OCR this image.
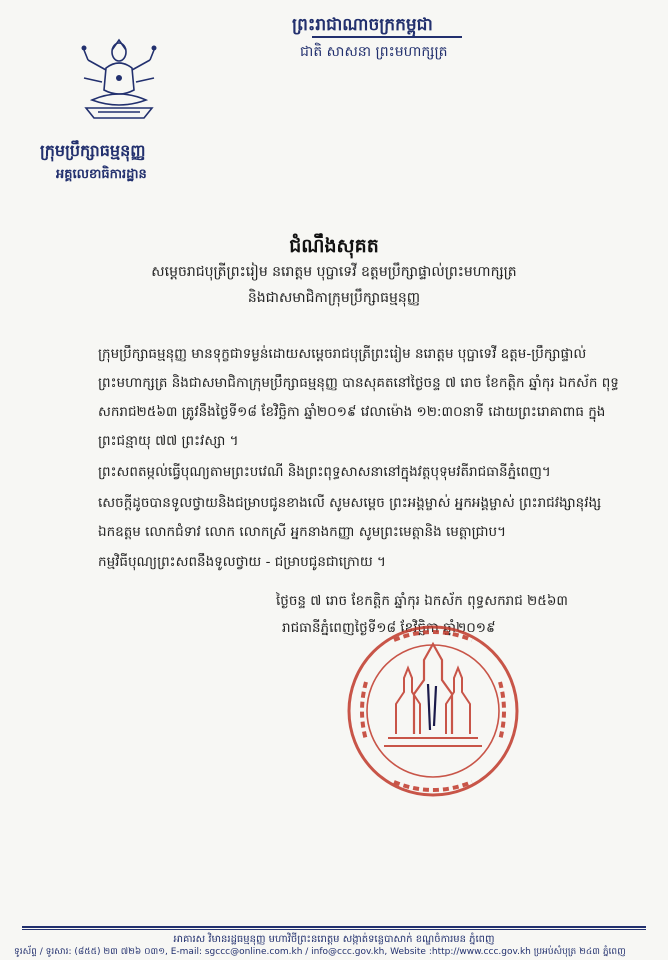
ព្រះរាជាណាចក្រកម្ពុជា
ជាតិ សាសនា ព្រះមហាក្សត្រ
ក្រុមប្រឹក្សាធម្មនុញ្ញ
អគ្គលេខាធិការដ្ឋាន
ជំណឹងសុគត
សម្តេចរាជបុត្រីព្រះរៀម នរោត្តម បុប្ផាទេវី ឧត្តមប្រឹក្សាផ្ទាល់ព្រះមហាក្សត្រ
និងជាសមាជិកាក្រុមប្រឹក្សាធម្មនុញ្ញ

ក្រុមប្រឹក្សាធម្មនុញ្ញ មានទុក្ខជាទម្ងន់ដោយសម្តេចរាជបុត្រីព្រះរៀម នរោត្តម បុប្ផាទេវី ឧត្តម-ប្រឹក្សាផ្ទាល់ព្រះមហាក្សត្រ និងជាសមាជិកាក្រុមប្រឹក្សាធម្មនុញ្ញ បានសុគតនៅថ្ងៃចន្ទ ៧ រោច ខែកត្តិក ឆ្នាំកុរ ឯកស័ក ពុទ្ធសករាជ២៥៦៣ ត្រូវនឹងថ្ងៃទី១៨ ខែវិច្ឆិកា ឆ្នាំ២០១៩ វេលាម៉ោង ១២:៣០នាទី ដោយព្រះរោគាពាធ ក្នុងព្រះជន្មាយុ ៧៧ ព្រះវស្សា ។

ព្រះសពតម្កល់ធ្វើបុណ្យតាមព្រះបវេណី និងព្រះពុទ្ធសាសនានៅក្នុងវត្តបុទុមវតីរាជធានីភ្នំពេញ។

សេចក្តីដូចបានទូលថ្វាយនិងជម្រាបជូនខាងលើ សូមសម្តេច ព្រះអង្គម្ចាស់ អ្នកអង្គម្ចាស់ ព្រះរាជវង្សានុវង្ស ឯកឧត្តម លោកជំទាវ លោក លោកស្រី អ្នកនាងកញ្ញា សូមព្រះមេត្តានិង មេត្តាជ្រាប។

កម្មវិធីបុណ្យព្រះសពនឹងទូលថ្វាយ - ជម្រាបជូនជាក្រោយ ។

ថ្ងៃចន្ទ ៧ រោច ខែកត្តិក ឆ្នាំកុរ ឯកស័ក ពុទ្ធសករាជ ២៥៦៣
រាជធានីភ្នំពេញថ្ងៃទី១៨ ខែវិច្ឆិកា ឆ្នាំ២០១៩
អាគារស វិមានរដ្ឋធម្មនុញ្ញ មហាវិថីព្រះនរោត្តម សង្កាត់ទន្លេបាសាក់ ខណ្ឌចំការមន ភ្នំពេញ
ទូរស័ព្ទ / ទូរសារ: (៨៥៥) ២៣ ៧២៦ ០៣១, E-mail: sgccc@online.com.kh / info@ccc.gov.kh, Website :http://www.ccc.gov.kh ប្រអប់សំបុត្រ ២៤៣ ភ្នំពេញ
